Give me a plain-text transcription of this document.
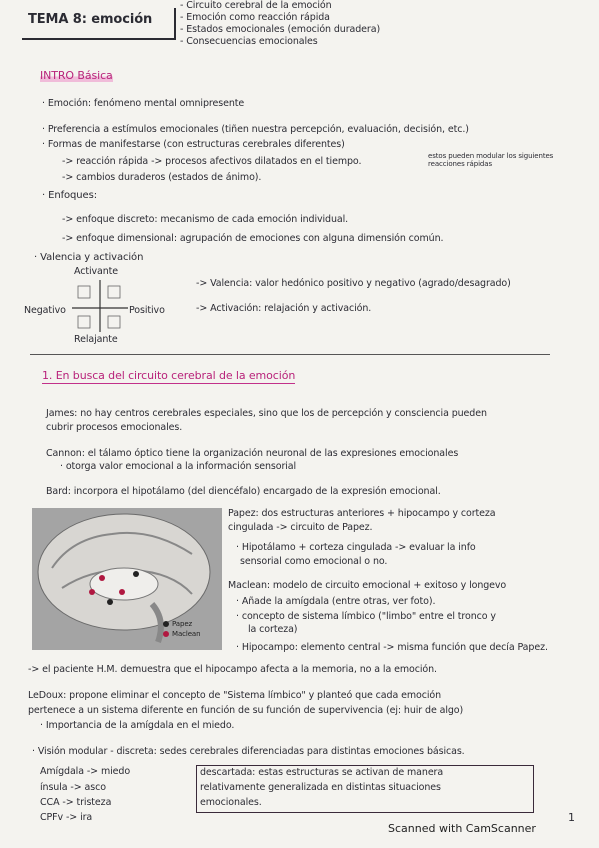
TEMA 8: emoción
- Circuito cerebral de la emoción
- Emoción como reacción rápida
- Estados emocionales (emoción duradera)
- Consecuencias emocionales
INTRO Básica
· Emoción: fenómeno mental omnipresente
· Preferencia a estímulos emocionales (tiñen nuestra percepción, evaluación, decisión, etc.)
· Formas de manifestarse (con estructuras cerebrales diferentes)
-> reacción rápida -> procesos afectivos dilatados en el tiempo.	estos pueden modular los siguientes reacciones rápidas
-> cambios duraderos (estados de ánimo).
· Enfoques:
-> enfoque discreto: mecanismo de cada emoción individual.
-> enfoque dimensional: agrupación de emociones con alguna dimensión común.
· Valencia y activación
Activante
Negativo	Positivo
Relajante
-> Valencia: valor hedónico positivo y negativo (agrado/desagrado)
-> Activación: relajación y activación.
1. En busca del circuito cerebral de la emoción
James: no hay centros cerebrales especiales, sino que los de percepción y consciencia pueden
cubrir procesos emocionales.
Cannon: el tálamo óptico tiene la organización neuronal de las expresiones emocionales
· otorga valor emocional a la información sensorial
Bard: incorpora el hipotálamo (del diencéfalo) encargado de la expresión emocional.
Papez
Maclean
Papez: dos estructuras anteriores + hipocampo y corteza
cingulada -> circuito de Papez.
· Hipotálamo + corteza cingulada -> evaluar la info
sensorial como emocional o no.
Maclean: modelo de circuito emocional + exitoso y longevo
· Añade la amígdala (entre otras, ver foto).
· concepto de sistema límbico ("limbo" entre el tronco y
la corteza)
· Hipocampo: elemento central -> misma función que decía Papez.
-> el paciente H.M. demuestra que el hipocampo afecta a la memoria, no a la emoción.
LeDoux: propone eliminar el concepto de "Sistema límbico" y planteó que cada emoción
pertenece a un sistema diferente en función de su función de supervivencia (ej: huir de algo)
· Importancia de la amígdala en el miedo.
· Visión modular - discreta: sedes cerebrales diferenciadas para distintas emociones básicas.
Amígdala -> miedo
ínsula -> asco
CCA -> tristeza
CPFv -> ira
descartada: estas estructuras se activan de manera
relativamente generalizada en distintas situaciones
emocionales.
Scanned with CamScanner
1
